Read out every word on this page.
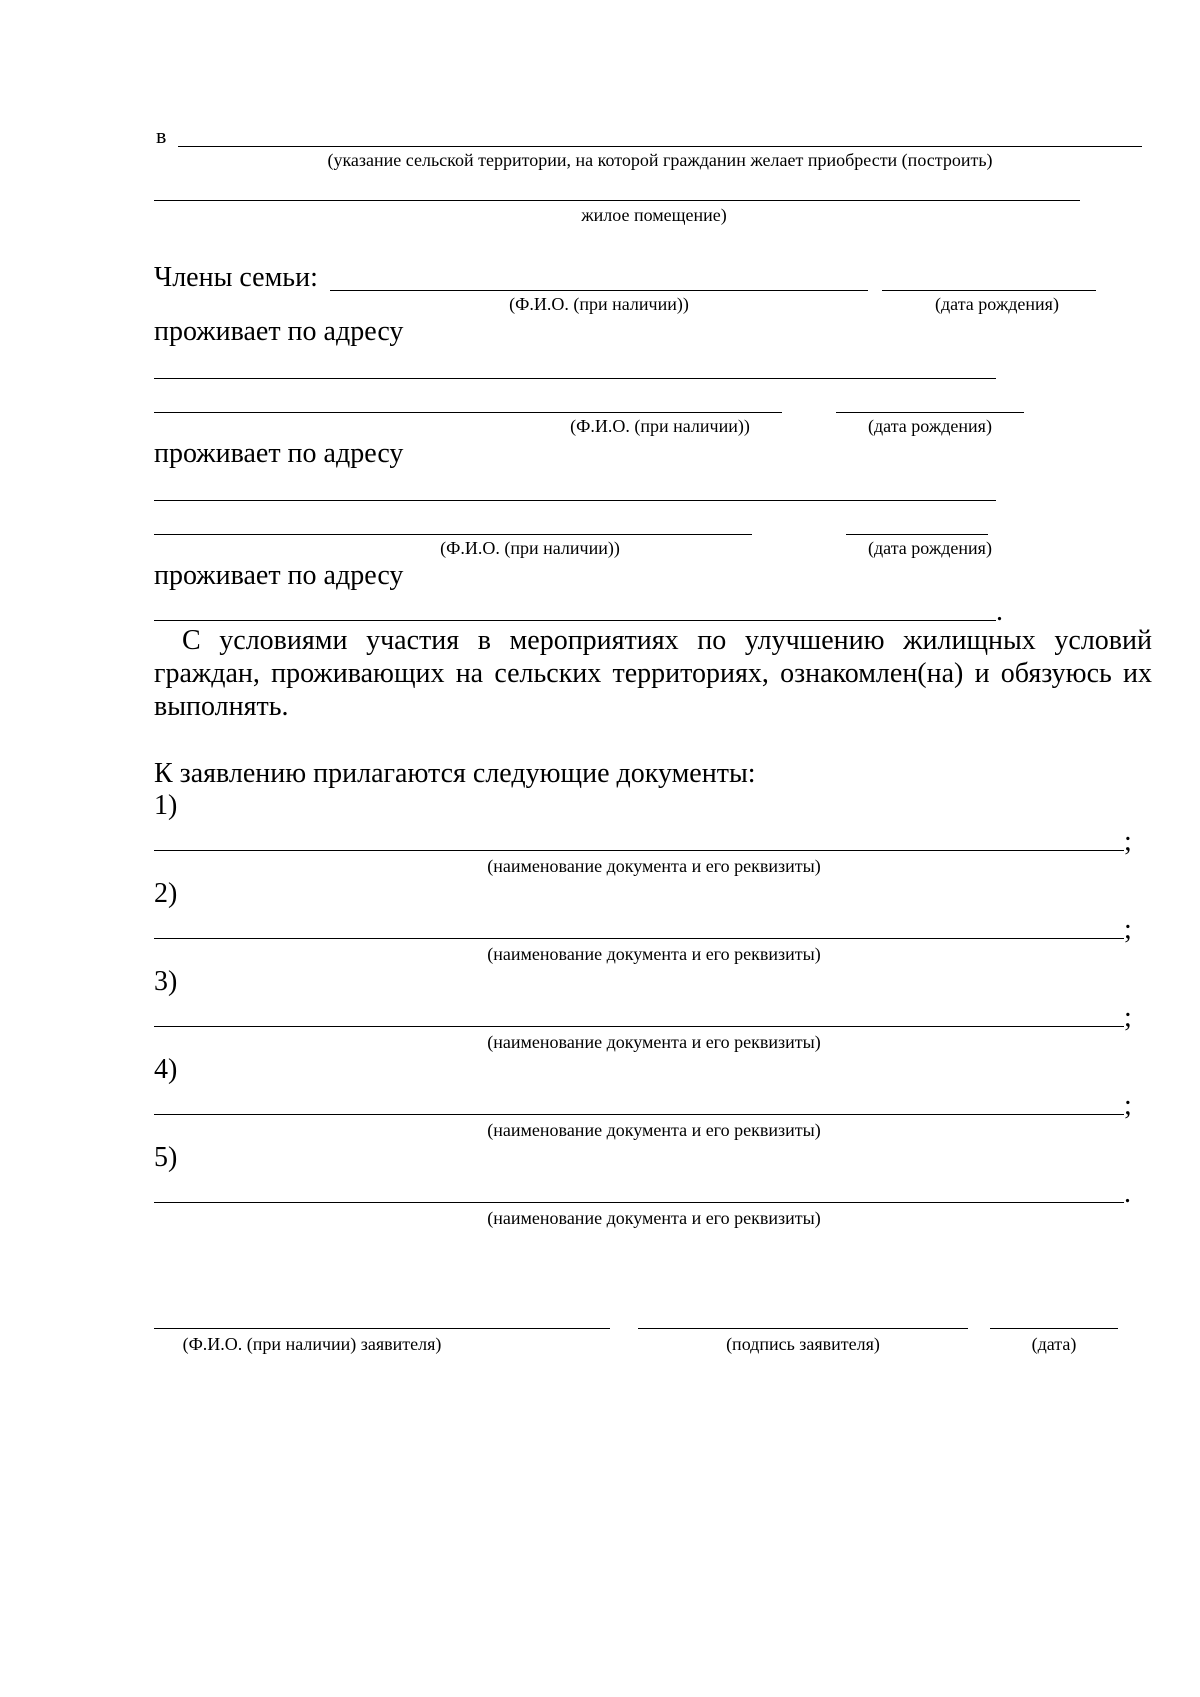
в
(указание сельской территории, на которой гражданин желает приобрести (построить)
жилое помещение)
Члены семьи:
(Ф.И.О. (при наличии))	(дата рождения)
проживает по адресу
(Ф.И.О. (при наличии))	(дата рождения)
проживает по адресу
(Ф.И.О. (при наличии))	(дата рождения)
проживает по адресу
.
С условиями участия в мероприятиях по улучшению жилищных условий граждан, проживающих на сельских территориях, ознакомлен(на) и обязуюсь их выполнять.
К заявлению прилагаются следующие документы:
1)
;
(наименование документа и его реквизиты)
2)
;
(наименование документа и его реквизиты)
3)
;
(наименование документа и его реквизиты)
4)
;
(наименование документа и его реквизиты)
5)
.
(наименование документа и его реквизиты)
(Ф.И.О. (при наличии) заявителя)	(подпись заявителя)	(дата)
